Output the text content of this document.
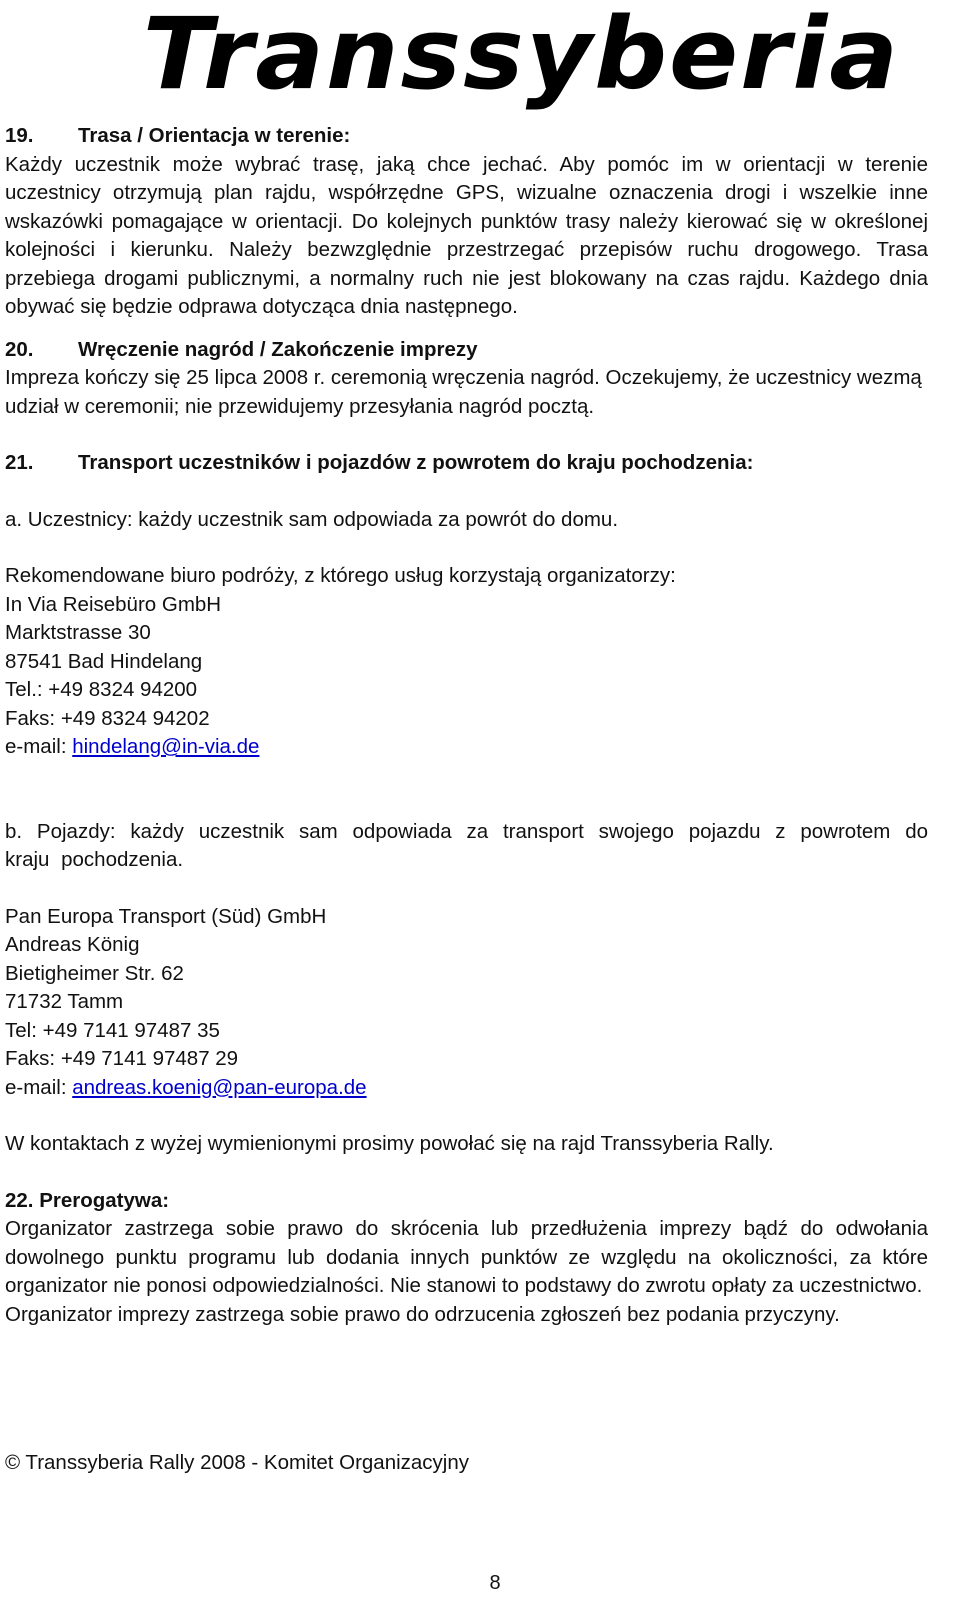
Transsyberia
19.	Trasa / Orientacja w terenie:

Każdy uczestnik może wybrać trasę, jaką chce jechać. Aby pomóc im w orientacji w terenie uczestnicy otrzymują plan rajdu, współrzędne GPS, wizualne oznaczenia drogi i wszelkie inne wskazówki pomagające w orientacji. Do kolejnych punktów trasy należy kierować się w określonej kolejności i kierunku. Należy bezwzględnie przestrzegać przepisów ruchu drogowego. Trasa przebiega drogami publicznymi, a normalny ruch nie jest blokowany na czas rajdu. Każdego dnia obywać się będzie odprawa dotycząca dnia następnego.

20.	Wręczenie nagród / Zakończenie imprezy

Impreza kończy się 25 lipca 2008 r. ceremonią wręczenia nagród. Oczekujemy, że uczestnicy wezmą udział w ceremonii; nie przewidujemy przesyłania nagród pocztą.

21.	Transport uczestników i pojazdów z powrotem do kraju pochodzenia:

a. Uczestnicy: każdy uczestnik sam odpowiada za powrót do domu.

Rekomendowane biuro podróży, z którego usług korzystają organizatorzy:

In Via Reisebüro GmbH

Marktstrasse 30

87541 Bad Hindelang

Tel.: +49 8324 94200

Faks: +49 8324 94202

e-mail: hindelang@in-via.de

b. Pojazdy: każdy uczestnik sam odpowiada za transport swojego pojazdu z powrotem do kraju pochodzenia.

Pan Europa Transport (Süd) GmbH

Andreas König

Bietigheimer Str. 62

71732 Tamm

Tel: +49 7141 97487 35

Faks: +49 7141 97487 29

e-mail: andreas.koenig@pan-europa.de

W kontaktach z wyżej wymienionymi prosimy powołać się na rajd Transsyberia Rally.

22. Prerogatywa:

Organizator zastrzega sobie prawo do skrócenia lub przedłużenia imprezy bądź do odwołania dowolnego punktu programu lub dodania innych punktów ze względu na okoliczności, za które organizator nie ponosi odpowiedzialności. Nie stanowi to podstawy do zwrotu opłaty za uczestnictwo.

Organizator imprezy zastrzega sobie prawo do odrzucenia zgłoszeń bez podania przyczyny.

© Transsyberia Rally 2008 - Komitet Organizacyjny
8
